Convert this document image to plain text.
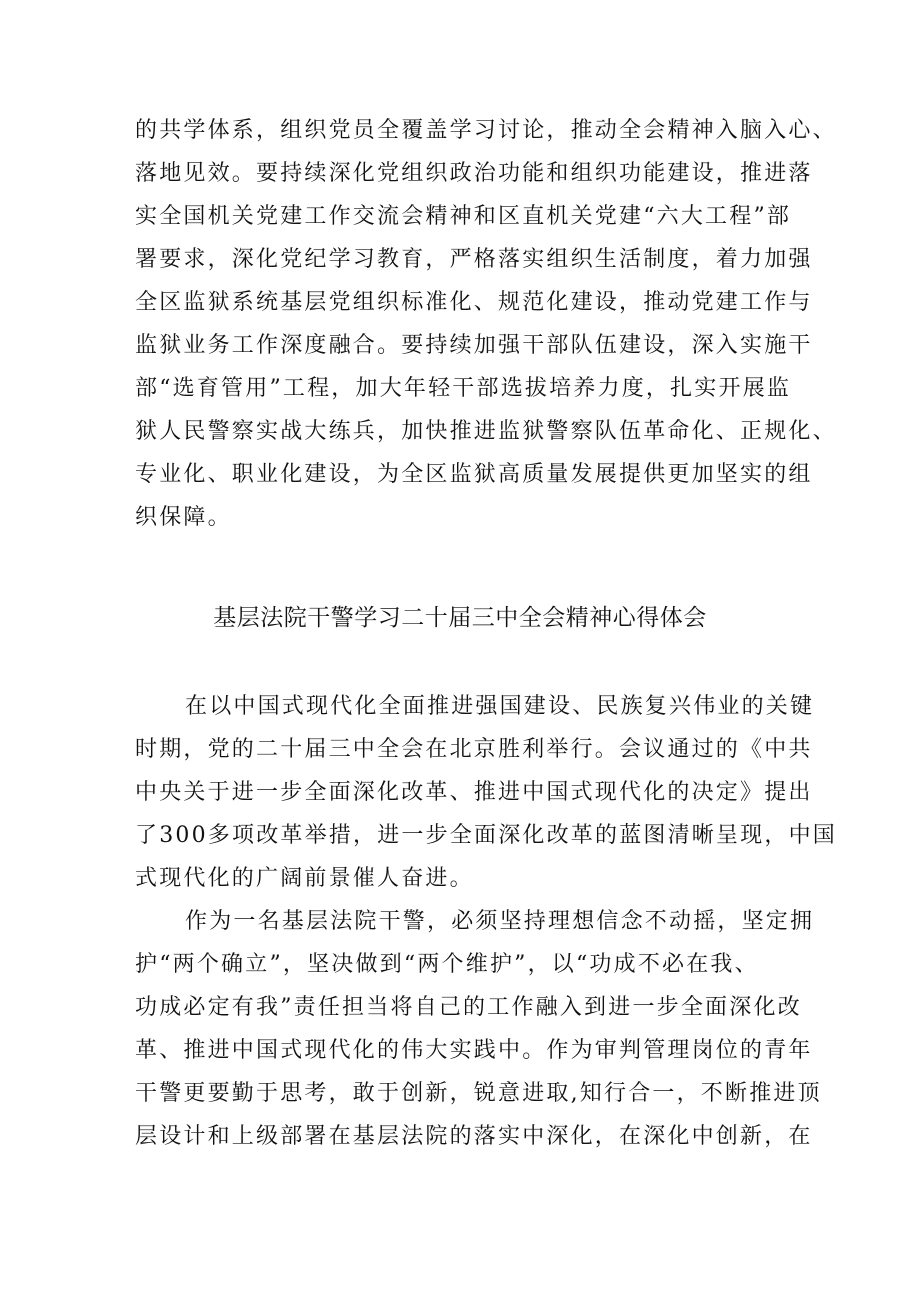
的共学体系，组织党员全覆盖学习讨论，推动全会精神入脑入心、
落地见效。要持续深化党组织政治功能和组织功能建设，推进落
实全国机关党建工作交流会精神和区直机关党建“六大工程”部
署要求，深化党纪学习教育，严格落实组织生活制度，着力加强
全区监狱系统基层党组织标准化、规范化建设，推动党建工作与
监狱业务工作深度融合。要持续加强干部队伍建设，深入实施干
部“选育管用”工程，加大年轻干部选拔培养力度，扎实开展监
狱人民警察实战大练兵，加快推进监狱警察队伍革命化、正规化、
专业化、职业化建设，为全区监狱高质量发展提供更加坚实的组
织保障。
基层法院干警学习二十届三中全会精神心得体会
在以中国式现代化全面推进强国建设、民族复兴伟业的关键
时期，党的二十届三中全会在北京胜利举行。会议通过的《中共
中央关于进一步全面深化改革、推进中国式现代化的决定》提出
了300多项改革举措，进一步全面深化改革的蓝图清晰呈现，中国
式现代化的广阔前景催人奋进。
作为一名基层法院干警，必须坚持理想信念不动摇，坚定拥
护“两个确立”，坚决做到“两个维护”，以“功成不必在我、
功成必定有我”责任担当将自己的工作融入到进一步全面深化改
革、推进中国式现代化的伟大实践中。作为审判管理岗位的青年
干警更要勤于思考，敢于创新，锐意进取,知行合一，不断推进顶
层设计和上级部署在基层法院的落实中深化，在深化中创新，在
